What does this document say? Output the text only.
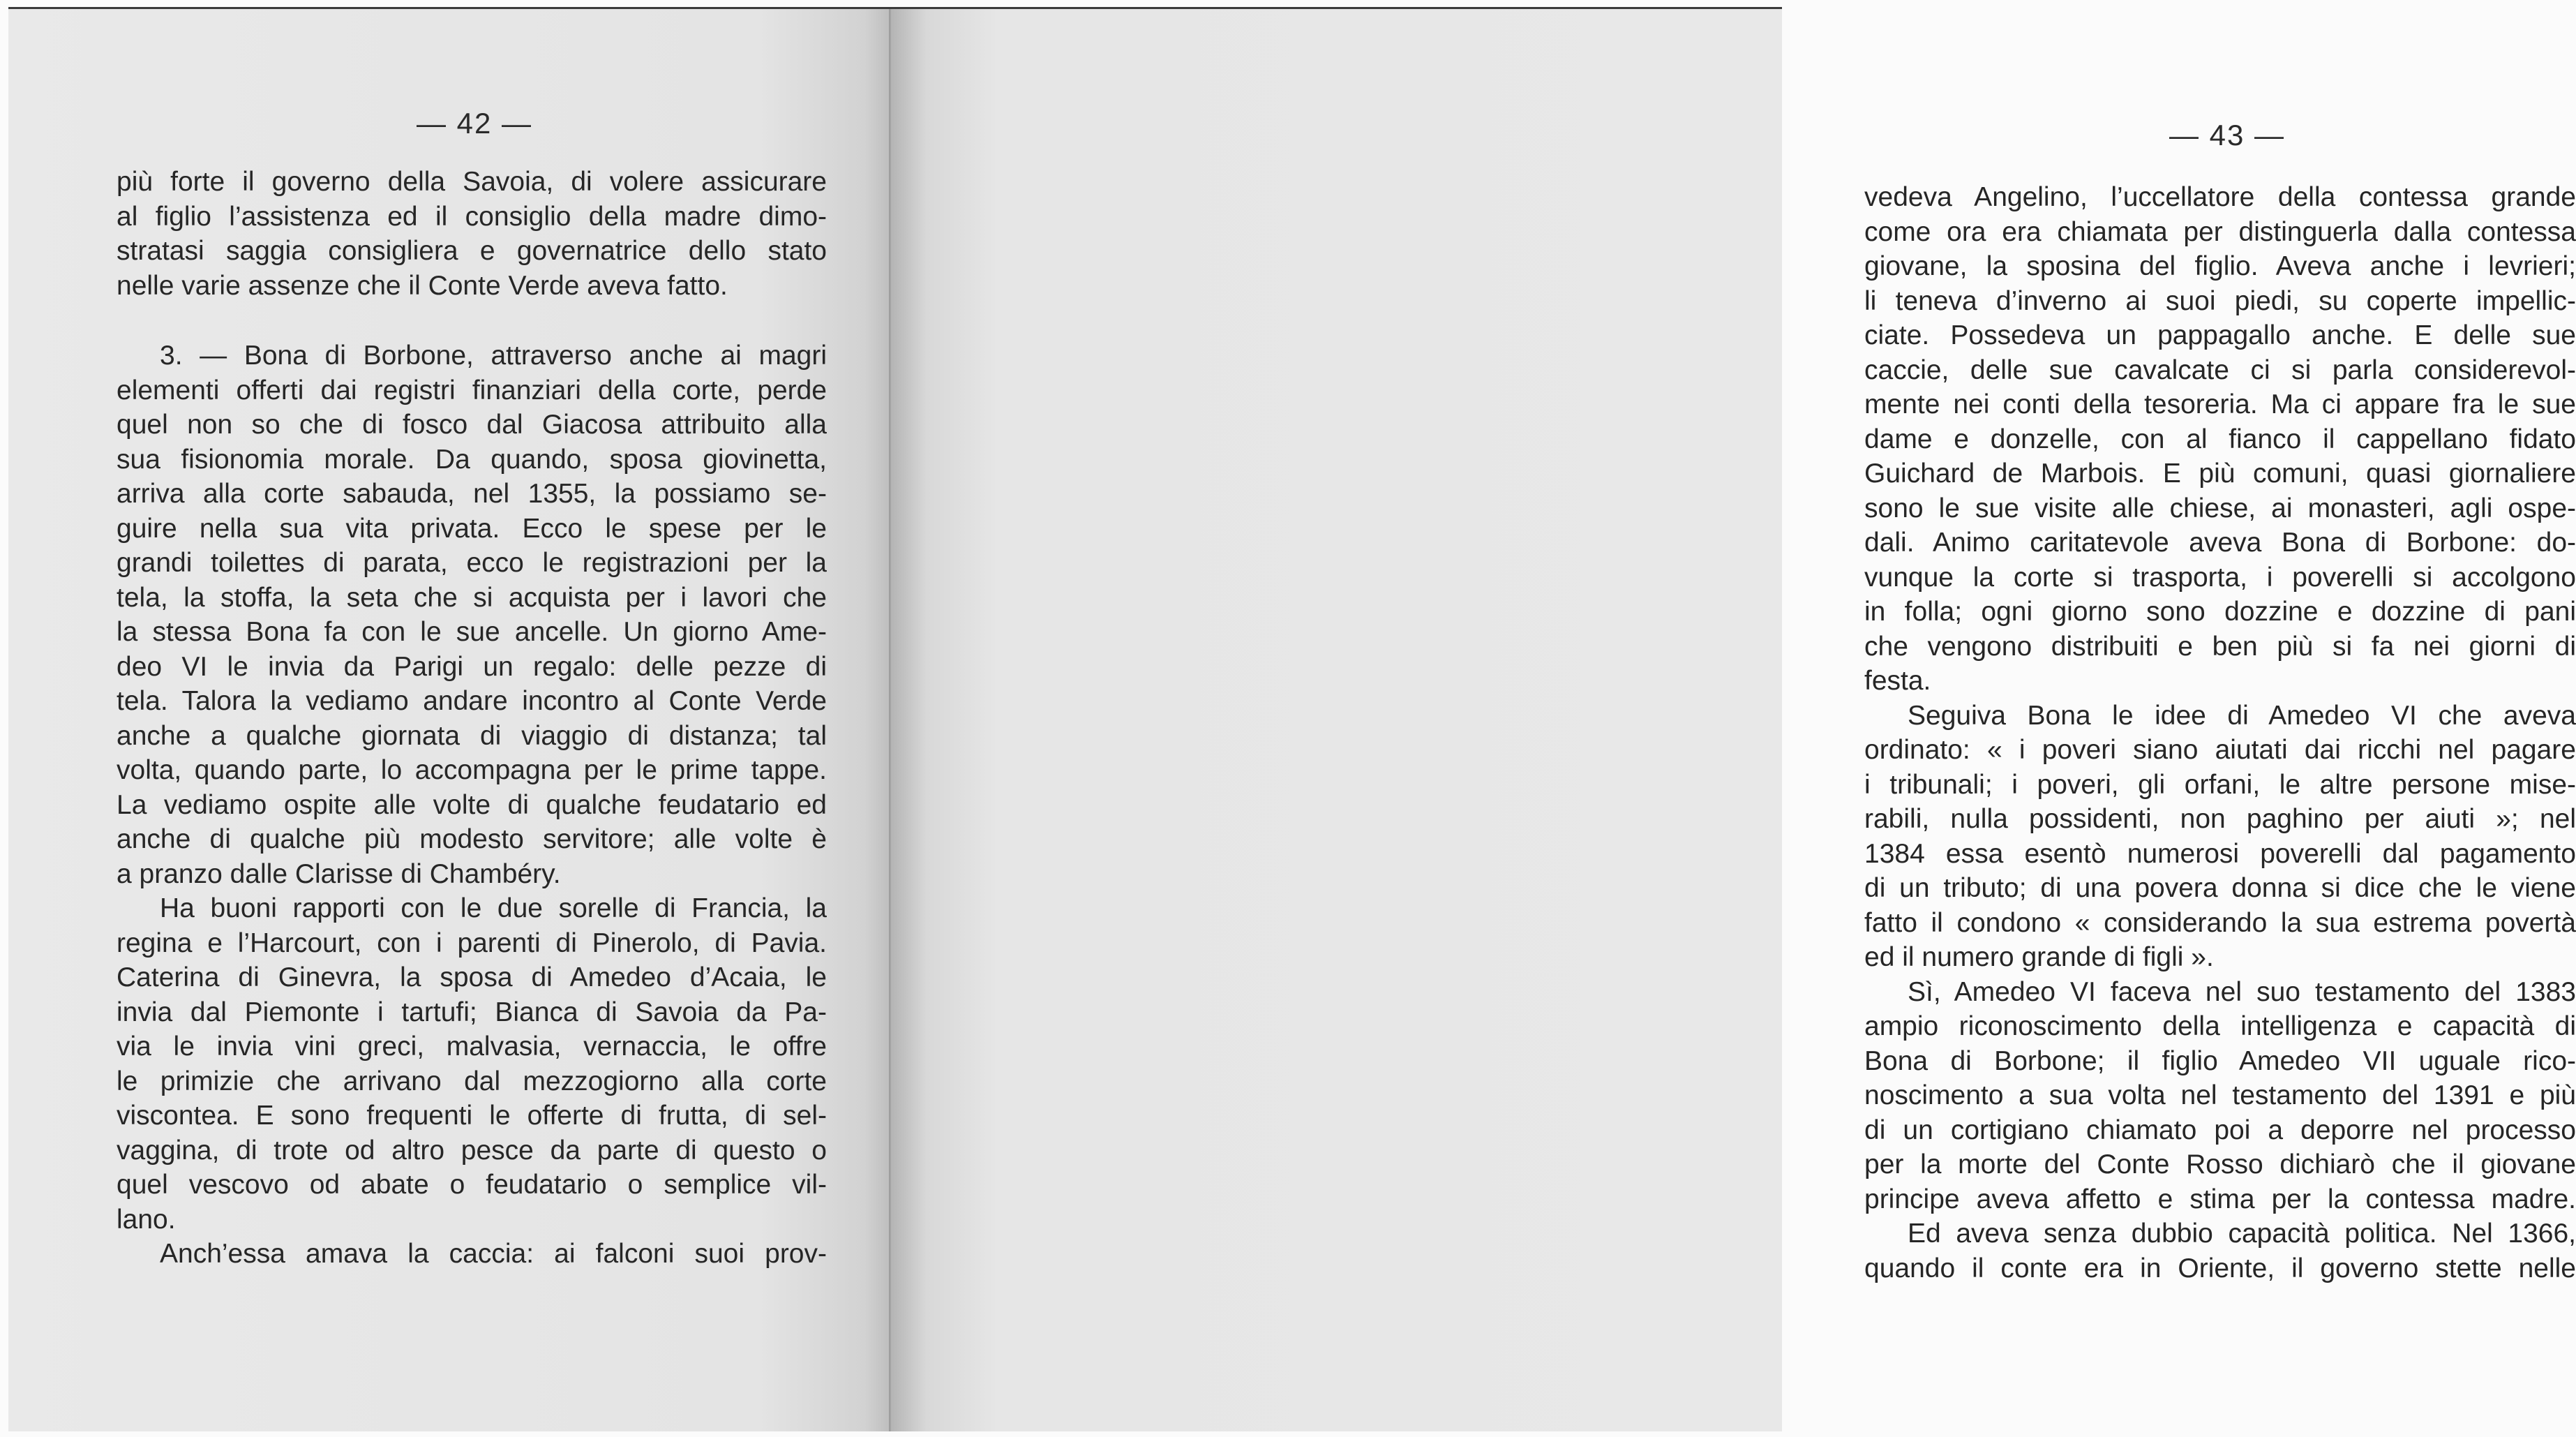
— 42 —
più forte il governo della Savoia, di volere assicurare
al figlio l’assistenza ed il consiglio della madre dimo-
stratasi saggia consigliera e governatrice dello stato
nelle varie assenze che il Conte Verde aveva fatto.
3. — Bona di Borbone, attraverso anche ai magri
elementi offerti dai registri finanziari della corte, perde
quel non so che di fosco dal Giacosa attribuito alla
sua fisionomia morale. Da quando, sposa giovinetta,
arriva alla corte sabauda, nel 1355, la possiamo se-
guire nella sua vita privata. Ecco le spese per le
grandi toilettes di parata, ecco le registrazioni per la
tela, la stoffa, la seta che si acquista per i lavori che
la stessa Bona fa con le sue ancelle. Un giorno Ame-
deo VI le invia da Parigi un regalo: delle pezze di
tela. Talora la vediamo andare incontro al Conte Verde
anche a qualche giornata di viaggio di distanza; tal
volta, quando parte, lo accompagna per le prime tappe.
La vediamo ospite alle volte di qualche feudatario ed
anche di qualche più modesto servitore; alle volte è
a pranzo dalle Clarisse di Chambéry.
Ha buoni rapporti con le due sorelle di Francia, la
regina e l’Harcourt, con i parenti di Pinerolo, di Pavia.
Caterina di Ginevra, la sposa di Amedeo d’Acaia, le
invia dal Piemonte i tartufi; Bianca di Savoia da Pa-
via le invia vini greci, malvasia, vernaccia, le offre
le primizie che arrivano dal mezzogiorno alla corte
viscontea. E sono frequenti le offerte di frutta, di sel-
vaggina, di trote od altro pesce da parte di questo o
quel vescovo od abate o feudatario o semplice vil-
lano.
Anch’essa amava la caccia: ai falconi suoi prov-
— 43 —
vedeva Angelino, l’uccellatore della contessa grande
come ora era chiamata per distinguerla dalla contessa
giovane, la sposina del figlio. Aveva anche i levrieri;
li teneva d’inverno ai suoi piedi, su coperte impellic-
ciate. Possedeva un pappagallo anche. E delle sue
caccie, delle sue cavalcate ci si parla considerevol-
mente nei conti della tesoreria. Ma ci appare fra le sue
dame e donzelle, con al fianco il cappellano fidato
Guichard de Marbois. E più comuni, quasi giornaliere
sono le sue visite alle chiese, ai monasteri, agli ospe-
dali. Animo caritatevole aveva Bona di Borbone: do-
vunque la corte si trasporta, i poverelli si accolgono
in folla; ogni giorno sono dozzine e dozzine di pani
che vengono distribuiti e ben più si fa nei giorni di
festa.
Seguiva Bona le idee di Amedeo VI che aveva
ordinato: « i poveri siano aiutati dai ricchi nel pagare
i tribunali; i poveri, gli orfani, le altre persone mise-
rabili, nulla possidenti, non paghino per aiuti »; nel
1384 essa esentò numerosi poverelli dal pagamento
di un tributo; di una povera donna si dice che le viene
fatto il condono « considerando la sua estrema povertà
ed il numero grande di figli ».
Sì, Amedeo VI faceva nel suo testamento del 1383
ampio riconoscimento della intelligenza e capacità di
Bona di Borbone; il figlio Amedeo VII uguale rico-
noscimento a sua volta nel testamento del 1391 e più
di un cortigiano chiamato poi a deporre nel processo
per la morte del Conte Rosso dichiarò che il giovane
principe aveva affetto e stima per la contessa madre.
Ed aveva senza dubbio capacità politica. Nel 1366,
quando il conte era in Oriente, il governo stette nelle
